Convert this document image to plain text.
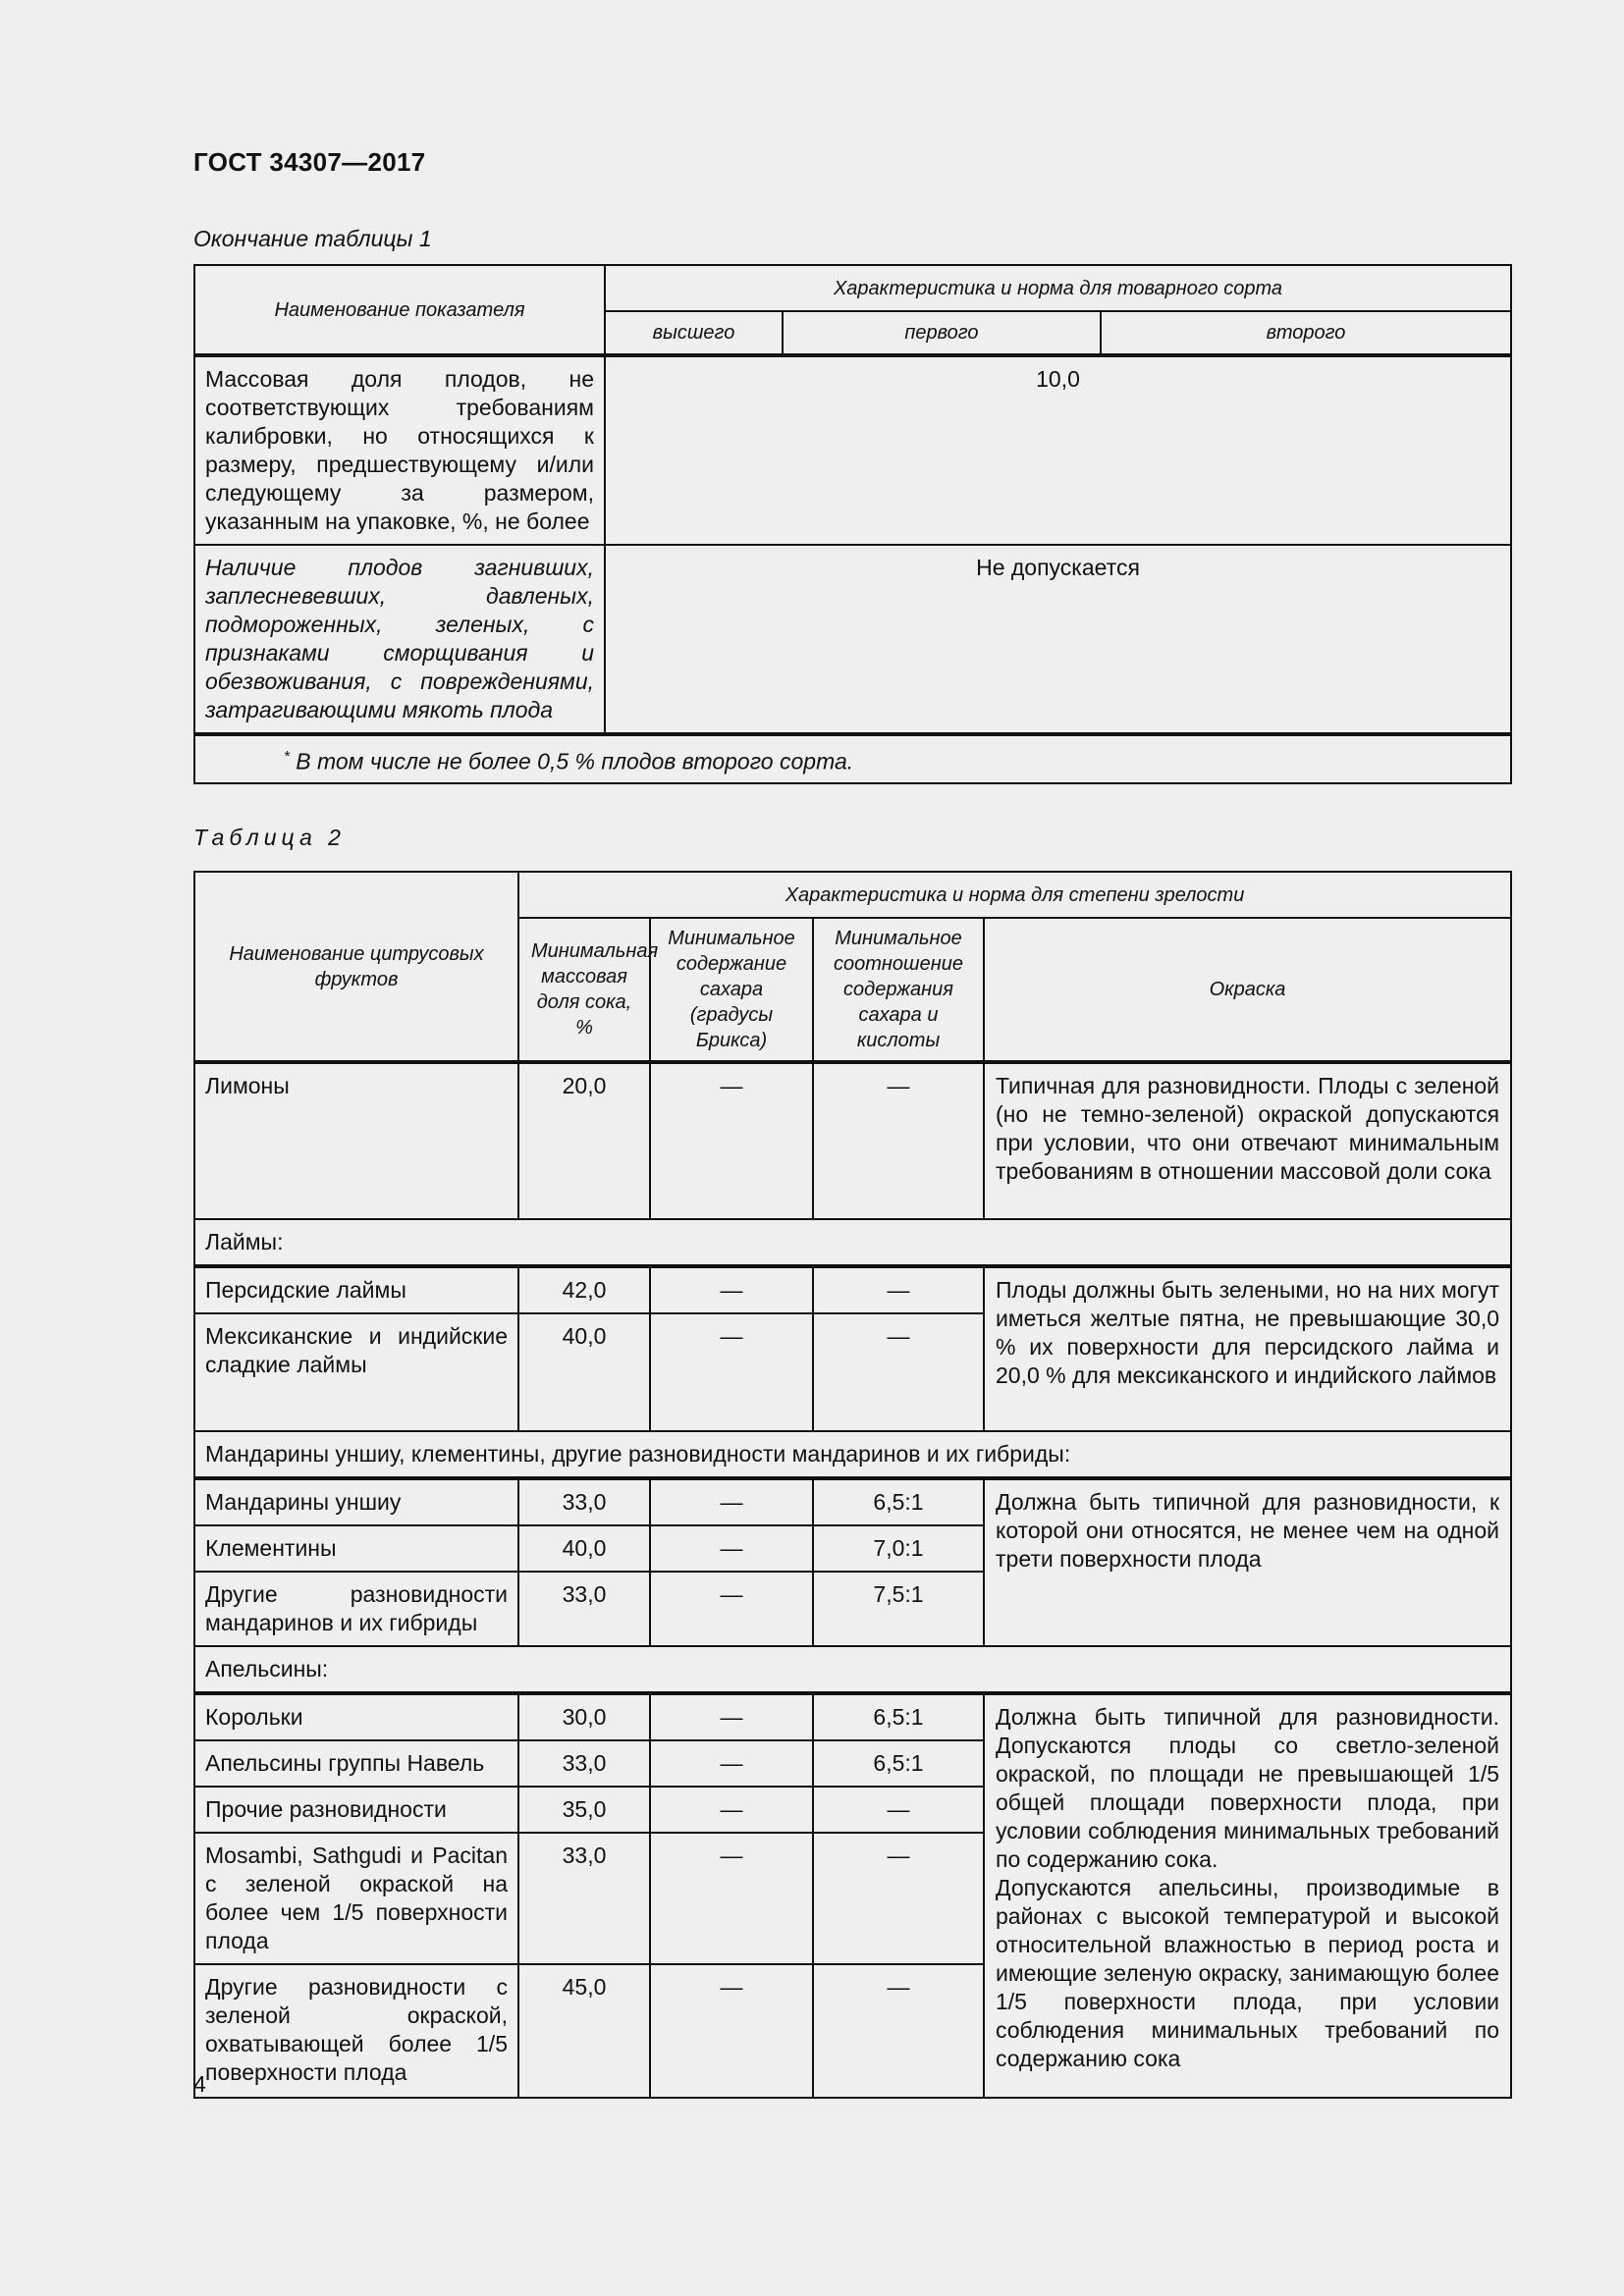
ГОСТ 34307—2017
Окончание таблицы 1
Наименование показателя	Характеристика и норма для товарного сорта		
	высшего	первого	второго
Массовая доля плодов, не соответствующих требованиям калибровки, но относящихся к размеру, предшествующему и/или следующему за размером, указанным на упаковке, %, не более	10,0		
Наличие плодов загнивших, заплесневевших, давленых, подмороженных, зеленых, с признаками сморщивания и обезвоживания, с повреждениями, затрагивающими мякоть плода	Не допускается		

* В том числе не более 0,5 % плодов второго сорта.			
Таблица 2
Наименование цитрусовых фруктов	Характеристика и норма для степени зрелости			

	Минимальная массовая доля сока, %	Минимальное содержание сахара (градусы Брикса)	Минимальное соотношение содержания сахара и кислоты	Окраска
Лимоны	20,0	—	—	Типичная для разновидности. Плоды с зеленой (но не темно-зеленой) окраской допускаются при условии, что они отвечают минимальным требованиям в отношении массовой доли сока
Лаймы:				
Персидские лаймы	42,0	—	—	Плоды должны быть зелеными, но на них могут иметься желтые пятна, не превышающие 30,0 % их поверхности для персидского лайма и 20,0 % для мексиканского и индийского лаймов
Мексиканские и индийские сладкие лаймы	40,0	—	—	
Мандарины уншиу, клементины, другие разновидности мандаринов и их гибриды:				
Мандарины уншиу	33,0	—	6,5:1	Должна быть типичной для разновидности, к которой они относятся, не менее чем на одной трети поверхности плода
Клементины	40,0	—	7,0:1	
Другие разновидности мандаринов и их гибриды	33,0	—	7,5:1	
Апельсины:				
Корольки	30,0	—	6,5:1	Должна быть типичной для разновидности. Допускаются плоды со светло-зеленой окраской, по площади не превышающей 1/5 общей площади поверхности плода, при условии соблюдения минимальных требований по содержанию сока.
Допускаются апельсины, производимые в районах с высокой температурой и высокой относительной влажностью в период роста и имеющие зеленую окраску, занимающую более 1/5 поверхности плода, при условии соблюдения минимальных требований по содержанию сока

Апельсины группы Навель	33,0	—	6,5:1	
Прочие разновидности	35,0	—	—	
Mosambi, Sathgudi и Pacitan с зеленой окраской на более чем 1/5 поверхности плода	33,0	—	—	
Другие разновидности с зеленой окраской, охватывающей более 1/5 поверхности плода	45,0	—	—	
4
